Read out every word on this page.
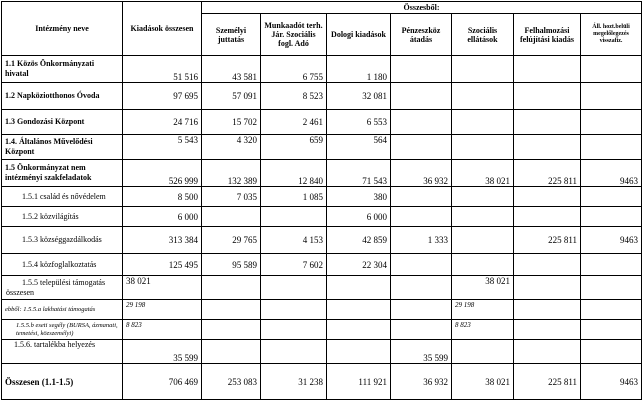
Intézmény neve	Kiadások összesen	Összesből:						
		Személyi juttatás	Munkaadót terh. Jár. Szociális fogl. Adó	Dologi kiadások	Pénzeszköz átadás	Szociális ellátások	Felhalmozási felújítási kiadás	Áll. hozt.belüli megelőlegezés visszafiz.
1.1 Közös Önkormányzati hivatal	51 516	43 581	6 755	1 180				
1.2 Napköziotthonos Óvoda	97 695	57 091	8 523	32 081				
1.3 Gondozási Központ	24 716	15 702	2 461	6 553				
1.4. Általános Művelődési Központ	5 543	4 320	659	564				
1.5 Önkormányzat nem intézményi szakfeladatok	526 999	132 389	12 840	71 543	36 932	38 021	225 811	9463
1.5.1 család és nővédelem	8 500	7 035	1 085	380				
1.5.2 közvilágítás	6 000			6 000				
1.5.3 községgazdálkodás	313 384	29 765	4 153	42 859	1 333		225 811	9463
1.5.4 közfoglalkoztatás	125 495	95 589	7 602	22 304				
1.5.5 települési támogatás összesen	38 021					38 021		
ebből: 1.5.5.a lakhatási támogatás	29 198					29 198		
1.5.5.b eseti segély (BURSA, ázmanati, temetési, közszemélyi)	8 823					8 823		
1.5.6. tartalékba helyezés	35 599				35 599			
Összesen (1.1-1.5)	706 469	253 083	31 238	111 921	36 932	38 021	225 811	9463
